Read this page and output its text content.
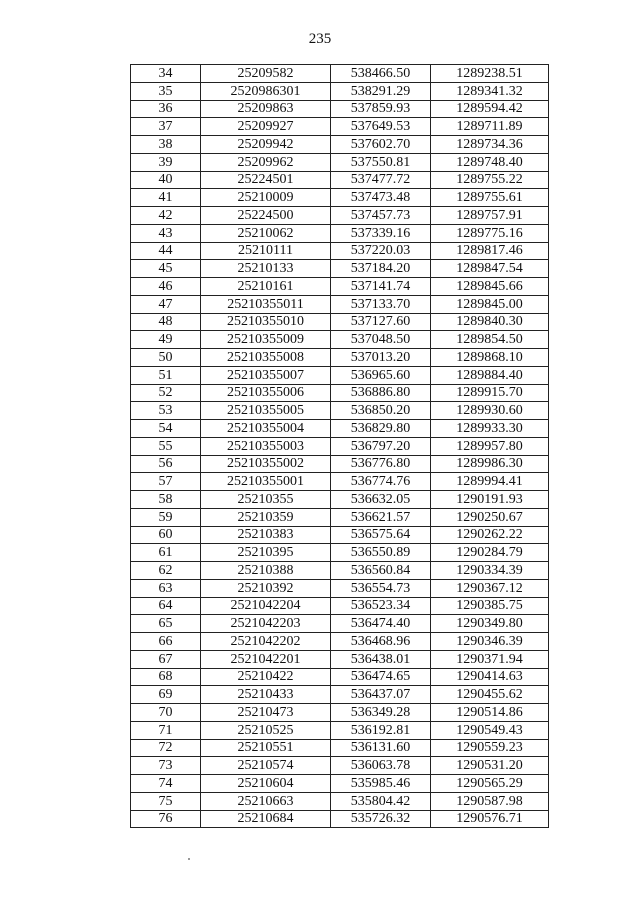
235
34	25209582	538466.50	1289238.51
35	2520986301	538291.29	1289341.32
36	25209863	537859.93	1289594.42
37	25209927	537649.53	1289711.89
38	25209942	537602.70	1289734.36
39	25209962	537550.81	1289748.40
40	25224501	537477.72	1289755.22
41	25210009	537473.48	1289755.61
42	25224500	537457.73	1289757.91
43	25210062	537339.16	1289775.16
44	25210111	537220.03	1289817.46
45	25210133	537184.20	1289847.54
46	25210161	537141.74	1289845.66
47	25210355011	537133.70	1289845.00
48	25210355010	537127.60	1289840.30
49	25210355009	537048.50	1289854.50
50	25210355008	537013.20	1289868.10
51	25210355007	536965.60	1289884.40
52	25210355006	536886.80	1289915.70
53	25210355005	536850.20	1289930.60
54	25210355004	536829.80	1289933.30
55	25210355003	536797.20	1289957.80
56	25210355002	536776.80	1289986.30
57	25210355001	536774.76	1289994.41
58	25210355	536632.05	1290191.93
59	25210359	536621.57	1290250.67
60	25210383	536575.64	1290262.22
61	25210395	536550.89	1290284.79
62	25210388	536560.84	1290334.39
63	25210392	536554.73	1290367.12
64	2521042204	536523.34	1290385.75
65	2521042203	536474.40	1290349.80
66	2521042202	536468.96	1290346.39
67	2521042201	536438.01	1290371.94
68	25210422	536474.65	1290414.63
69	25210433	536437.07	1290455.62
70	25210473	536349.28	1290514.86
71	25210525	536192.81	1290549.43
72	25210551	536131.60	1290559.23
73	25210574	536063.78	1290531.20
74	25210604	535985.46	1290565.29
75	25210663	535804.42	1290587.98
76	25210684	535726.32	1290576.71
